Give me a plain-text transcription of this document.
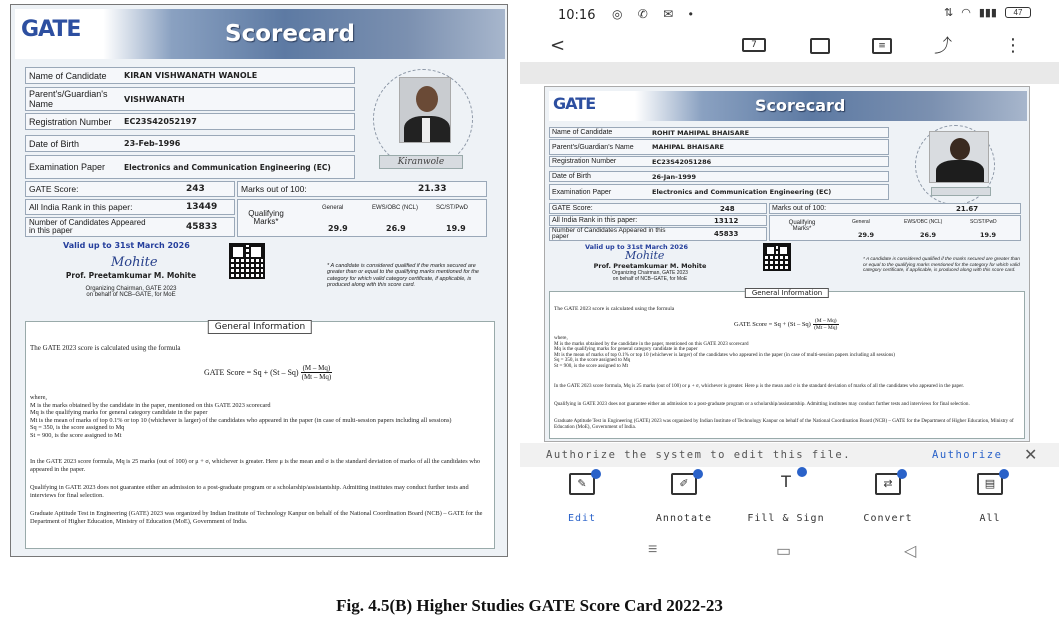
GATE
	Scorecard
Name of Candidate KIRAN VISHWANATH WANOLE
Parent's/Guardian's Name	VISHWANATH
Registration Number EC23S42052197
Date of Birth	23-Feb-1996
Examination Paper	Electronics and Communication Engineering (EC)	Kiranwole
GATE Score:	243	Marks out of 100:	21.33
All India Rank in this paper:	13449
Number of Candidates Appeared in this paper	45833
Qualifying Marks*
General	EWS/OBC (NCL)	SC/ST/PwD
29.9	26.9	19.9
Valid up to 31st March 2026
Mohite
Prof. Preetamkumar M. Mohite
Organizing Chairman, GATE 2023
on behalf of NCB–GATE, for MoE
* A candidate is considered qualified if the marks secured are greater than or equal to the qualifying marks mentioned for the category for which valid category certificate, if applicable, is produced along with this score card.
General Information
The GATE 2023 score is calculated using the formula
GATE Score =
$Sq + (St - Sq) \frac{(M - Mq)}{(Mt - Mq)}$
where,
M is the marks obtained by the candidate in the paper, mentioned on this GATE 2023 scorecard
Mq is the qualifying marks for general category candidate in the paper
Mt is the mean of marks of top 0.1% or top 10 (whichever is larger) of the candidates who appeared in the paper (in case of multi-session papers including all sessions)
Sq = 350, is the score assigned to Mq
St = 900, is the score assigned to Mt
In the GATE 2023 score formula, Mq is 25 marks (out of 100) or μ + σ, whichever is greater. Here μ is the mean and σ is the standard deviation of marks of all the candidates who appeared in the paper.
Qualifying in GATE 2023 does not guarantee either an admission to a post-graduate program or a scholarship/assistantship. Admitting institutes may conduct further tests and interviews for final selection.
Graduate Aptitude Test in Engineering (GATE) 2023 was organized by Indian Institute of Technology Kanpur on behalf of the National Coordination Board (NCB) – GATE for the Department of Higher Education, Ministry of Education (MoE), Government of India.
10:16 ◎ ✆ ✉ •	⇅ ◠ ▮▮▮	47
<	7	≡	⤴	⋮
GATE	Scorecard
Name of Candidate	ROHIT MAHIPAL BHAISARE
Parent's/Guardian's Name	MAHIPAL BHAISARE
Registration Number	EC23S42051286
Date of Birth	26-Jan-1999
Examination Paper	Electronics and Communication Engineering (EC)
GATE Score:	248	Marks out of 100:	21.67
All India Rank in this paper:	13112
Number of Candidates Appeared in this paper	45833
Qualifying Marks*
General	EWS/OBC (NCL)	SC/ST/PwD
29.9	26.9	19.9
Valid up to 31st March 2026
Mohite
Prof. Preetamkumar M. Mohite
Organizing Chairman, GATE 2023
on behalf of NCB–GATE, for MoE
* A candidate is considered qualified if the marks secured are greater than or equal to the qualifying marks mentioned for the category for which valid category certificate, if applicable, is produced along with this score card.
General Information
The GATE 2023 score is calculated using the formula
GATE Score =
$Sq + (St - Sq) \frac{(M - Mq)}{(Mt - Mq)}$
where,
M is the marks obtained by the candidate in the paper, mentioned on this GATE 2023 scorecard
Mq is the qualifying marks for general category candidate in the paper
Mt is the mean of marks of top 0.1% or top 10 (whichever is larger) of the candidates who appeared in the paper (in case of multi-session papers including all sessions)
Sq = 350, is the score assigned to Mq
St = 900, is the score assigned to Mt
In the GATE 2023 score formula, Mq is 25 marks (out of 100) or μ + σ, whichever is greater. Here μ is the mean and σ is the standard deviation of marks of all the candidates who appeared in the paper.
Qualifying in GATE 2023 does not guarantee either an admission to a post-graduate program or a scholarship/assistantship. Admitting institutes may conduct further tests and interviews for final selection.
Graduate Aptitude Test in Engineering (GATE) 2023 was organized by Indian Institute of Technology Kanpur on behalf of the National Coordination Board (NCB) – GATE for the Department of Higher Education, Ministry of Education (MoE), Government of India.
Authorize the system to edit this file.	Authorize ✕
✎
Edit
✐
Annotate
T
Fill & Sign
⇄
Convert
▤
All
≡	▭	◁
Fig. 4.5(B) Higher Studies GATE Score Card 2022-23
